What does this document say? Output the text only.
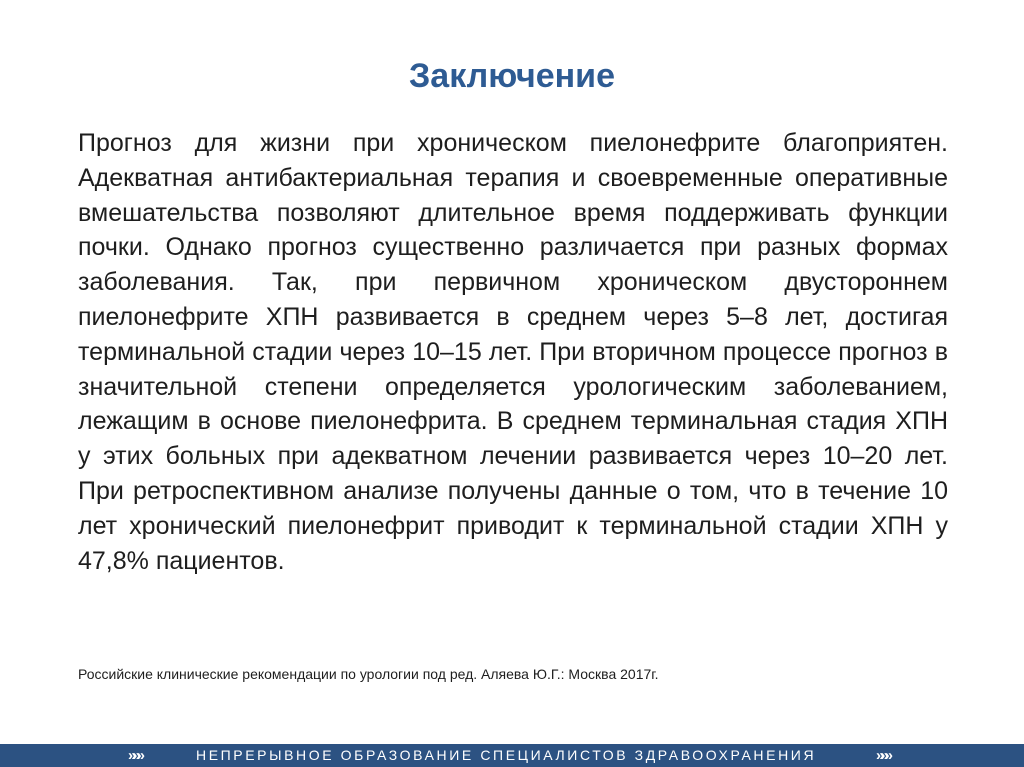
Заключение

Прогноз для жизни при хроническом пиелонефрите благоприятен. Адекватная антибактериальная терапия и своевременные оперативные вмешательства позволяют длительное время поддерживать функции почки. Однако прогноз существенно различается при разных формах заболевания. Так, при первичном хроническом двустороннем пиелонефрите ХПН развивается в среднем через 5–8 лет, достигая терминальной стадии через 10–15 лет. При вторичном процессе прогноз в значительной степени определяется урологическим заболеванием, лежащим в основе пиелонефрита. В среднем терминальная стадия ХПН у этих больных при адекватном лечении развивается через 10–20 лет. При ретроспективном анализе получены данные о том, что в течение 10 лет хронический пиелонефрит приводит к терминальной стадии ХПН у 47,8% пациентов.

Российские клинические рекомендации по урологии под ред. Аляева Ю.Г.: Москва 2017г.

»»»	НЕПРЕРЫВНОЕ ОБРАЗОВАНИЕ СПЕЦИАЛИСТОВ ЗДРАВООХРАНЕНИЯ	»»»
